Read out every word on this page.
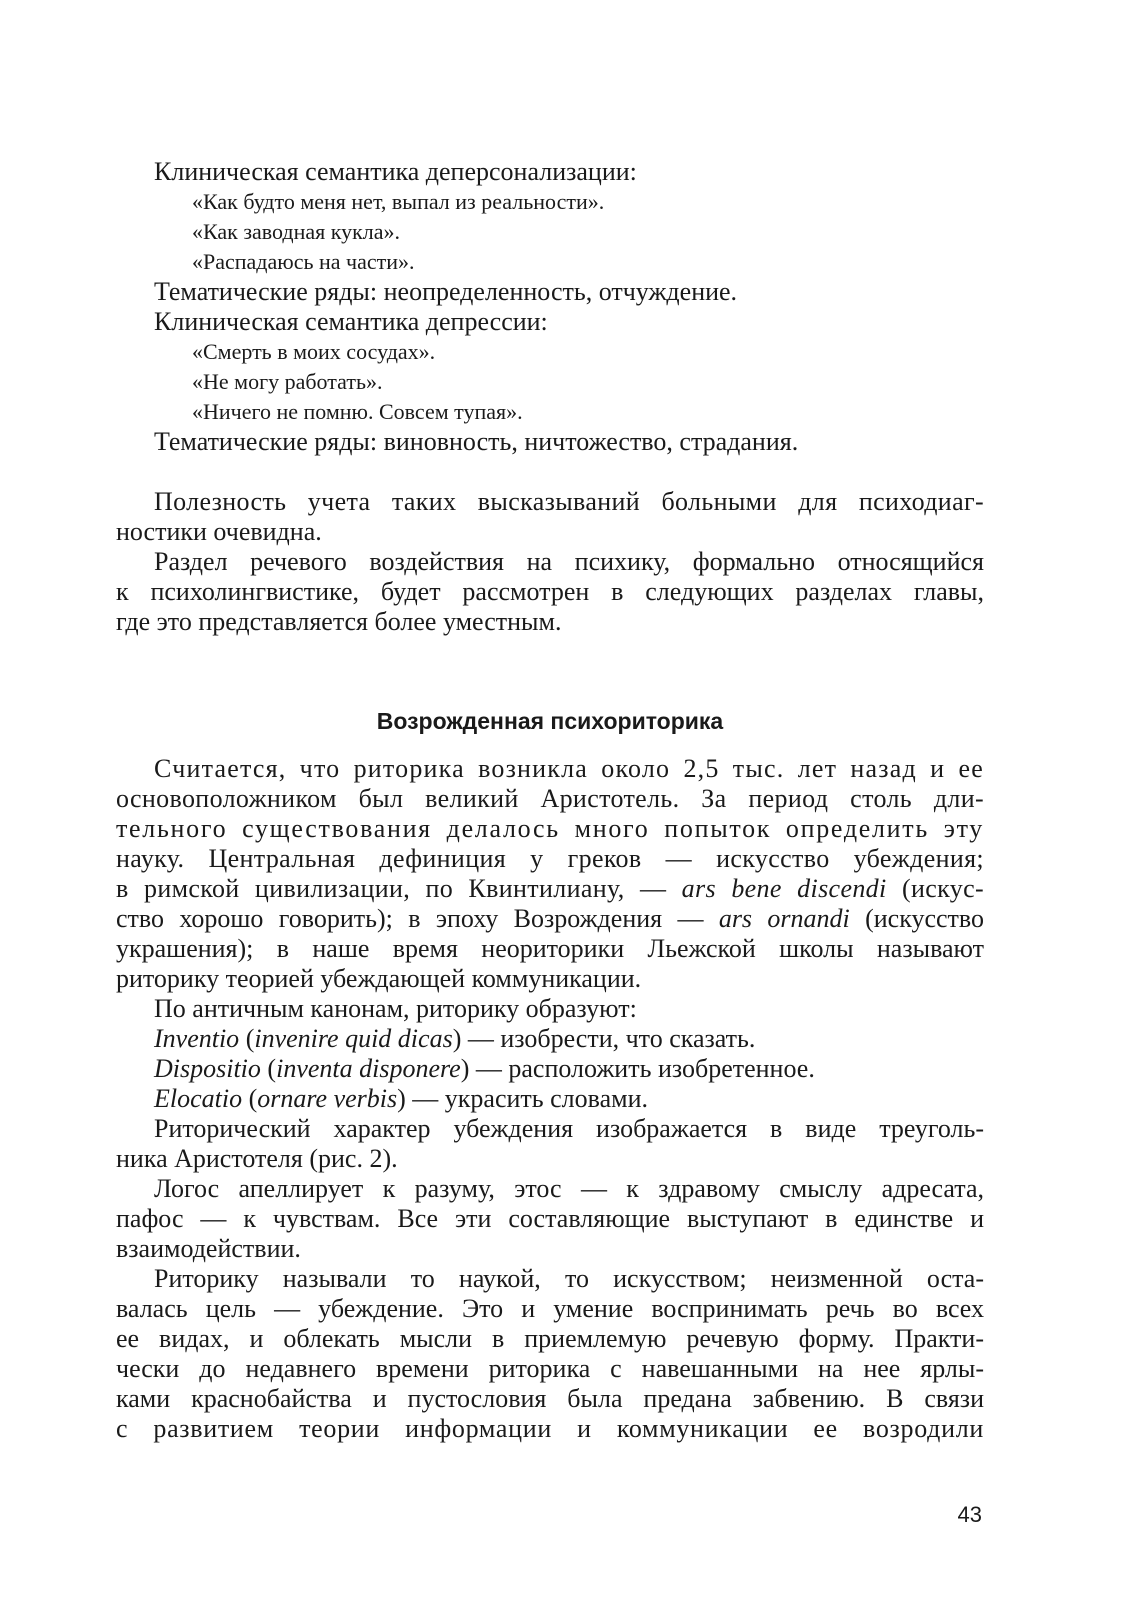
Клиническая семантика деперсонализации:
«Как будто меня нет, выпал из реальности».
«Как заводная кукла».
«Распадаюсь на части».
Тематические ряды: неопределенность, отчуждение.
Клиническая семантика депрессии:
«Смерть в моих сосудах».
«Не могу работать».
«Ничего не помню. Совсем тупая».
Тематические ряды: виновность, ничтожество, страдания.
Полезность учета таких высказываний больными для психодиаг-
ностики очевидна.
Раздел речевого воздействия на психику, формально относящийся
к психолингвистике, будет рассмотрен в следующих разделах главы,
где это представляется более уместным.
Возрожденная психориторика
Считается, что риторика возникла около 2,5 тыс. лет назад и ее
основоположником был великий Аристотель. За период столь дли-
тельного существования делалось много попыток определить эту
науку. Центральная дефиниция у греков — искусство убеждения;
в римской цивилизации, по Квинтилиану, — ars bene discendi (искус-
ство хорошо говорить); в эпоху Возрождения — ars ornandi (искусство
украшения); в наше время неориторики Льежской школы называют
риторику теорией убеждающей коммуникации.
По античным канонам, риторику образуют:
Inventio (invenire quid dicas) — изобрести, что сказать.
Dispositio (inventa disponere) — расположить изобретенное.
Elocatio (ornare verbis) — украсить словами.
Риторический характер убеждения изображается в виде треуголь-
ника Аристотеля (рис. 2).
Логос апеллирует к разуму, этос — к здравому смыслу адресата,
пафос — к чувствам. Все эти составляющие выступают в единстве и
взаимодействии.
Риторику называли то наукой, то искусством; неизменной оста-
валась цель — убеждение. Это и умение воспринимать речь во всех
ее видах, и облекать мысли в приемлемую речевую форму. Практи-
чески до недавнего времени риторика с навешанными на нее ярлы-
ками краснобайства и пустословия была предана забвению. В связи
с развитием теории информации и коммуникации ее возродили
43
